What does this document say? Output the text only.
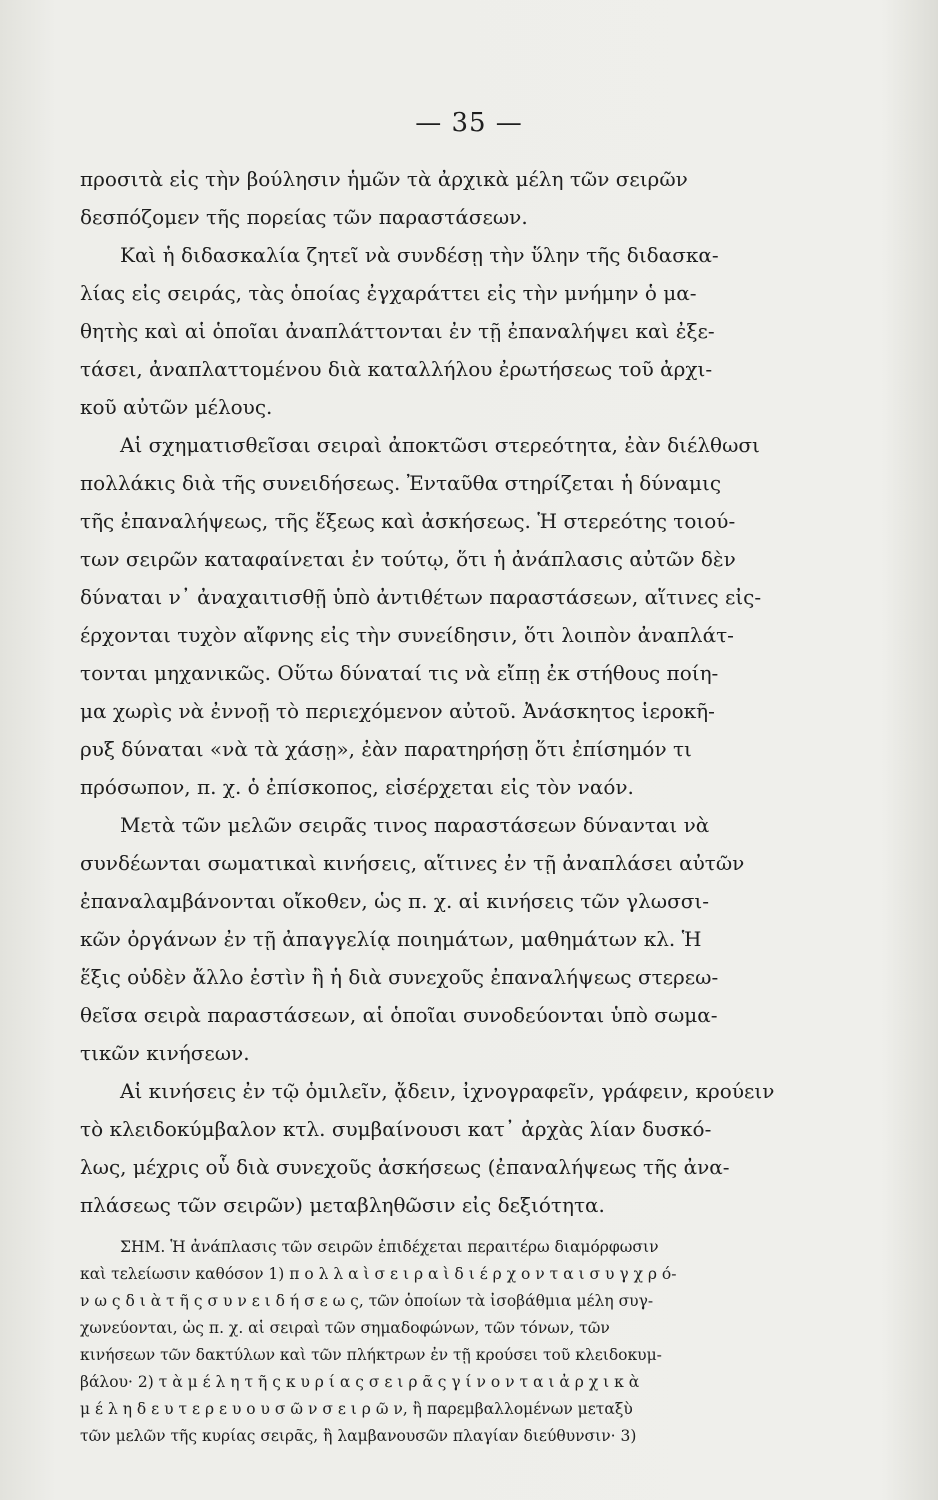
— 35 —
προσιτὰ εἰς τὴν βούλησιν ἡμῶν τὰ ἀρχικὰ μέλη τῶν σειρῶν
δεσπόζομεν τῆς πορείας τῶν παραστάσεων.
Καὶ ἡ διδασκαλία ζητεῖ νὰ συνδέσῃ τὴν ὕλην τῆς διδασκα-
λίας εἰς σειράς, τὰς ὁποίας ἐγχαράττει εἰς τὴν μνήμην ὁ μα-
θητὴς καὶ αἱ ὁποῖαι ἀναπλάττονται ἐν τῇ ἐπαναλήψει καὶ ἐξε-
τάσει, ἀναπλαττομένου διὰ καταλλήλου ἐρωτήσεως τοῦ ἀρχι-
κοῦ αὐτῶν μέλους.
Αἱ σχηματισθεῖσαι σειραὶ ἀποκτῶσι στερεότητα, ἐὰν διέλθωσι
πολλάκις διὰ τῆς συνειδήσεως. Ἐνταῦθα στηρίζεται ἡ δύναμις
τῆς ἐπαναλήψεως, τῆς ἕξεως καὶ ἀσκήσεως. Ἡ στερεότης τοιού-
των σειρῶν καταφαίνεται ἐν τούτῳ, ὅτι ἡ ἀνάπλασις αὐτῶν δὲν
δύναται ν᾿ ἀναχαιτισθῇ ὑπὸ ἀντιθέτων παραστάσεων, αἵτινες εἰς-
έρχονται τυχὸν αἴφνης εἰς τὴν συνείδησιν, ὅτι λοιπὸν ἀναπλάτ-
τονται μηχανικῶς. Οὕτω δύναταί τις νὰ εἴπῃ ἐκ στήθους ποίη-
μα χωρὶς νὰ ἐννοῇ τὸ περιεχόμενον αὐτοῦ. Ἀνάσκητος ἱεροκῆ-
ρυξ δύναται «νὰ τὰ χάσῃ», ἐὰν παρατηρήσῃ ὅτι ἐπίσημόν τι
πρόσωπον, π. χ. ὁ ἐπίσκοπος, εἰσέρχεται εἰς τὸν ναόν.
Μετὰ τῶν μελῶν σειρᾶς τινος παραστάσεων δύνανται νὰ
συνδέωνται σωματικαὶ κινήσεις, αἵτινες ἐν τῇ ἀναπλάσει αὐτῶν
ἐπαναλαμβάνονται οἴκοθεν, ὡς π. χ. αἱ κινήσεις τῶν γλωσσι-
κῶν ὀργάνων ἐν τῇ ἀπαγγελίᾳ ποιημάτων, μαθημάτων κλ. Ἡ
ἕξις οὐδὲν ἄλλο ἐστὶν ἢ ἡ διὰ συνεχοῦς ἐπαναλήψεως στερεω-
θεῖσα σειρὰ παραστάσεων, αἱ ὁποῖαι συνοδεύονται ὑπὸ σωμα-
τικῶν κινήσεων.
Αἱ κινήσεις ἐν τῷ ὁμιλεῖν, ᾄδειν, ἰχνογραφεῖν, γράφειν, κρούειν
τὸ κλειδοκύμβαλον κτλ. συμβαίνουσι κατ᾿ ἀρχὰς λίαν δυσκό-
λως, μέχρις οὗ διὰ συνεχοῦς ἀσκήσεως (ἐπαναλήψεως τῆς ἀνα-
πλάσεως τῶν σειρῶν) μεταβληθῶσιν εἰς δεξιότητα.
ΣΗΜ. Ἡ ἀνάπλασις τῶν σειρῶν ἐπιδέχεται περαιτέρω διαμόρφωσιν
καὶ τελείωσιν καθόσον 1) π ο λ λ α ὶ σ ε ι ρ α ὶ δ ι έ ρ χ ο ν τ α ι σ υ γ χ ρ ό-
ν ω ς δ ι ὰ τ ῆ ς σ υ ν ε ι δ ή σ ε ω ς, τῶν ὁποίων τὰ ἰσοβάθμια μέλη συγ-
χωνεύονται, ὡς π. χ. αἱ σειραὶ τῶν σημαδοφώνων, τῶν τόνων, τῶν
κινήσεων τῶν δακτύλων καὶ τῶν πλήκτρων ἐν τῇ κρούσει τοῦ κλειδοκυμ-
βάλου· 2) τ ὰ μ έ λ η τ ῆ ς κ υ ρ ί α ς σ ε ι ρ ᾶ ς γ ί ν ο ν τ α ι ἀ ρ χ ι κ ὰ
μ έ λ η δ ε υ τ ε ρ ε υ ο υ σ ῶ ν σ ε ι ρ ῶ ν, ἢ παρεμβαλλομένων μεταξὺ
τῶν μελῶν τῆς κυρίας σειρᾶς, ἢ λαμβανουσῶν πλαγίαν διεύθυνσιν· 3)
